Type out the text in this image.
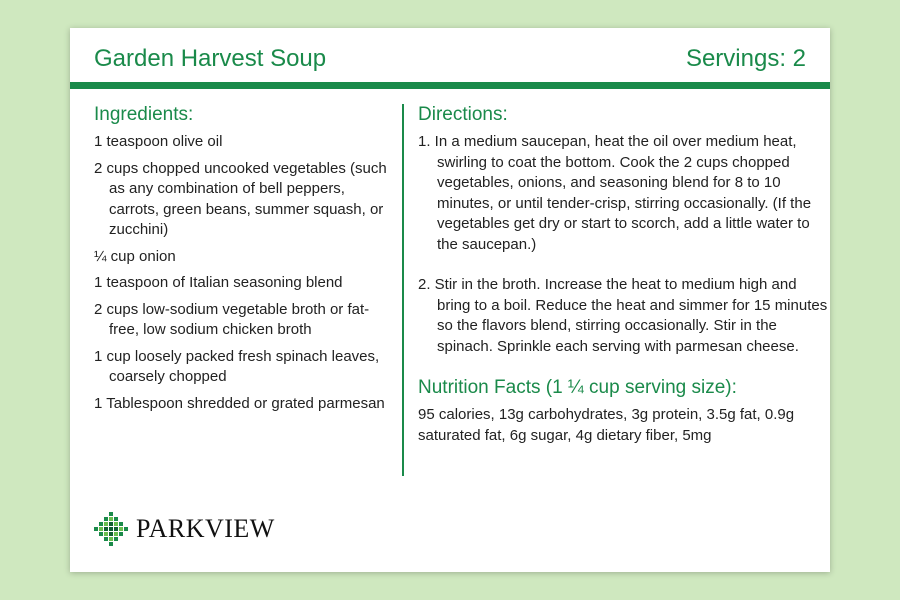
Garden Harvest Soup	Servings: 2
Ingredients:

1 teaspoon olive oil

2 cups chopped uncooked vegetables (such as any combination of bell peppers, carrots, green beans, summer squash, or zucchini)

¼ cup onion

1 teaspoon of Italian seasoning blend

2 cups low-sodium vegetable broth or fat-free, low sodium chicken broth

1 cup loosely packed fresh spinach leaves, coarsely chopped

1 Tablespoon shredded or grated parmesan

Directions:

1. In a medium saucepan, heat the oil over medium heat, swirling to coat the bottom. Cook the 2 cups chopped vegetables, onions, and seasoning blend for 8 to 10 minutes, or until tender-crisp, stirring occasionally. (If the vegetables get dry or start to scorch, add a little water to the saucepan.)

2. Stir in the broth. Increase the heat to medium high and bring to a boil. Reduce the heat and simmer for 15 minutes so the flavors blend, stirring occasionally. Stir in the spinach. Sprinkle each serving with parmesan cheese.

Nutrition Facts (1 ¼ cup serving size):
95 calories, 13g carbohydrates, 3g protein, 3.5g fat, 0.9g saturated fat, 6g sugar, 4g dietary fiber, 5mg
PARKVIEW
